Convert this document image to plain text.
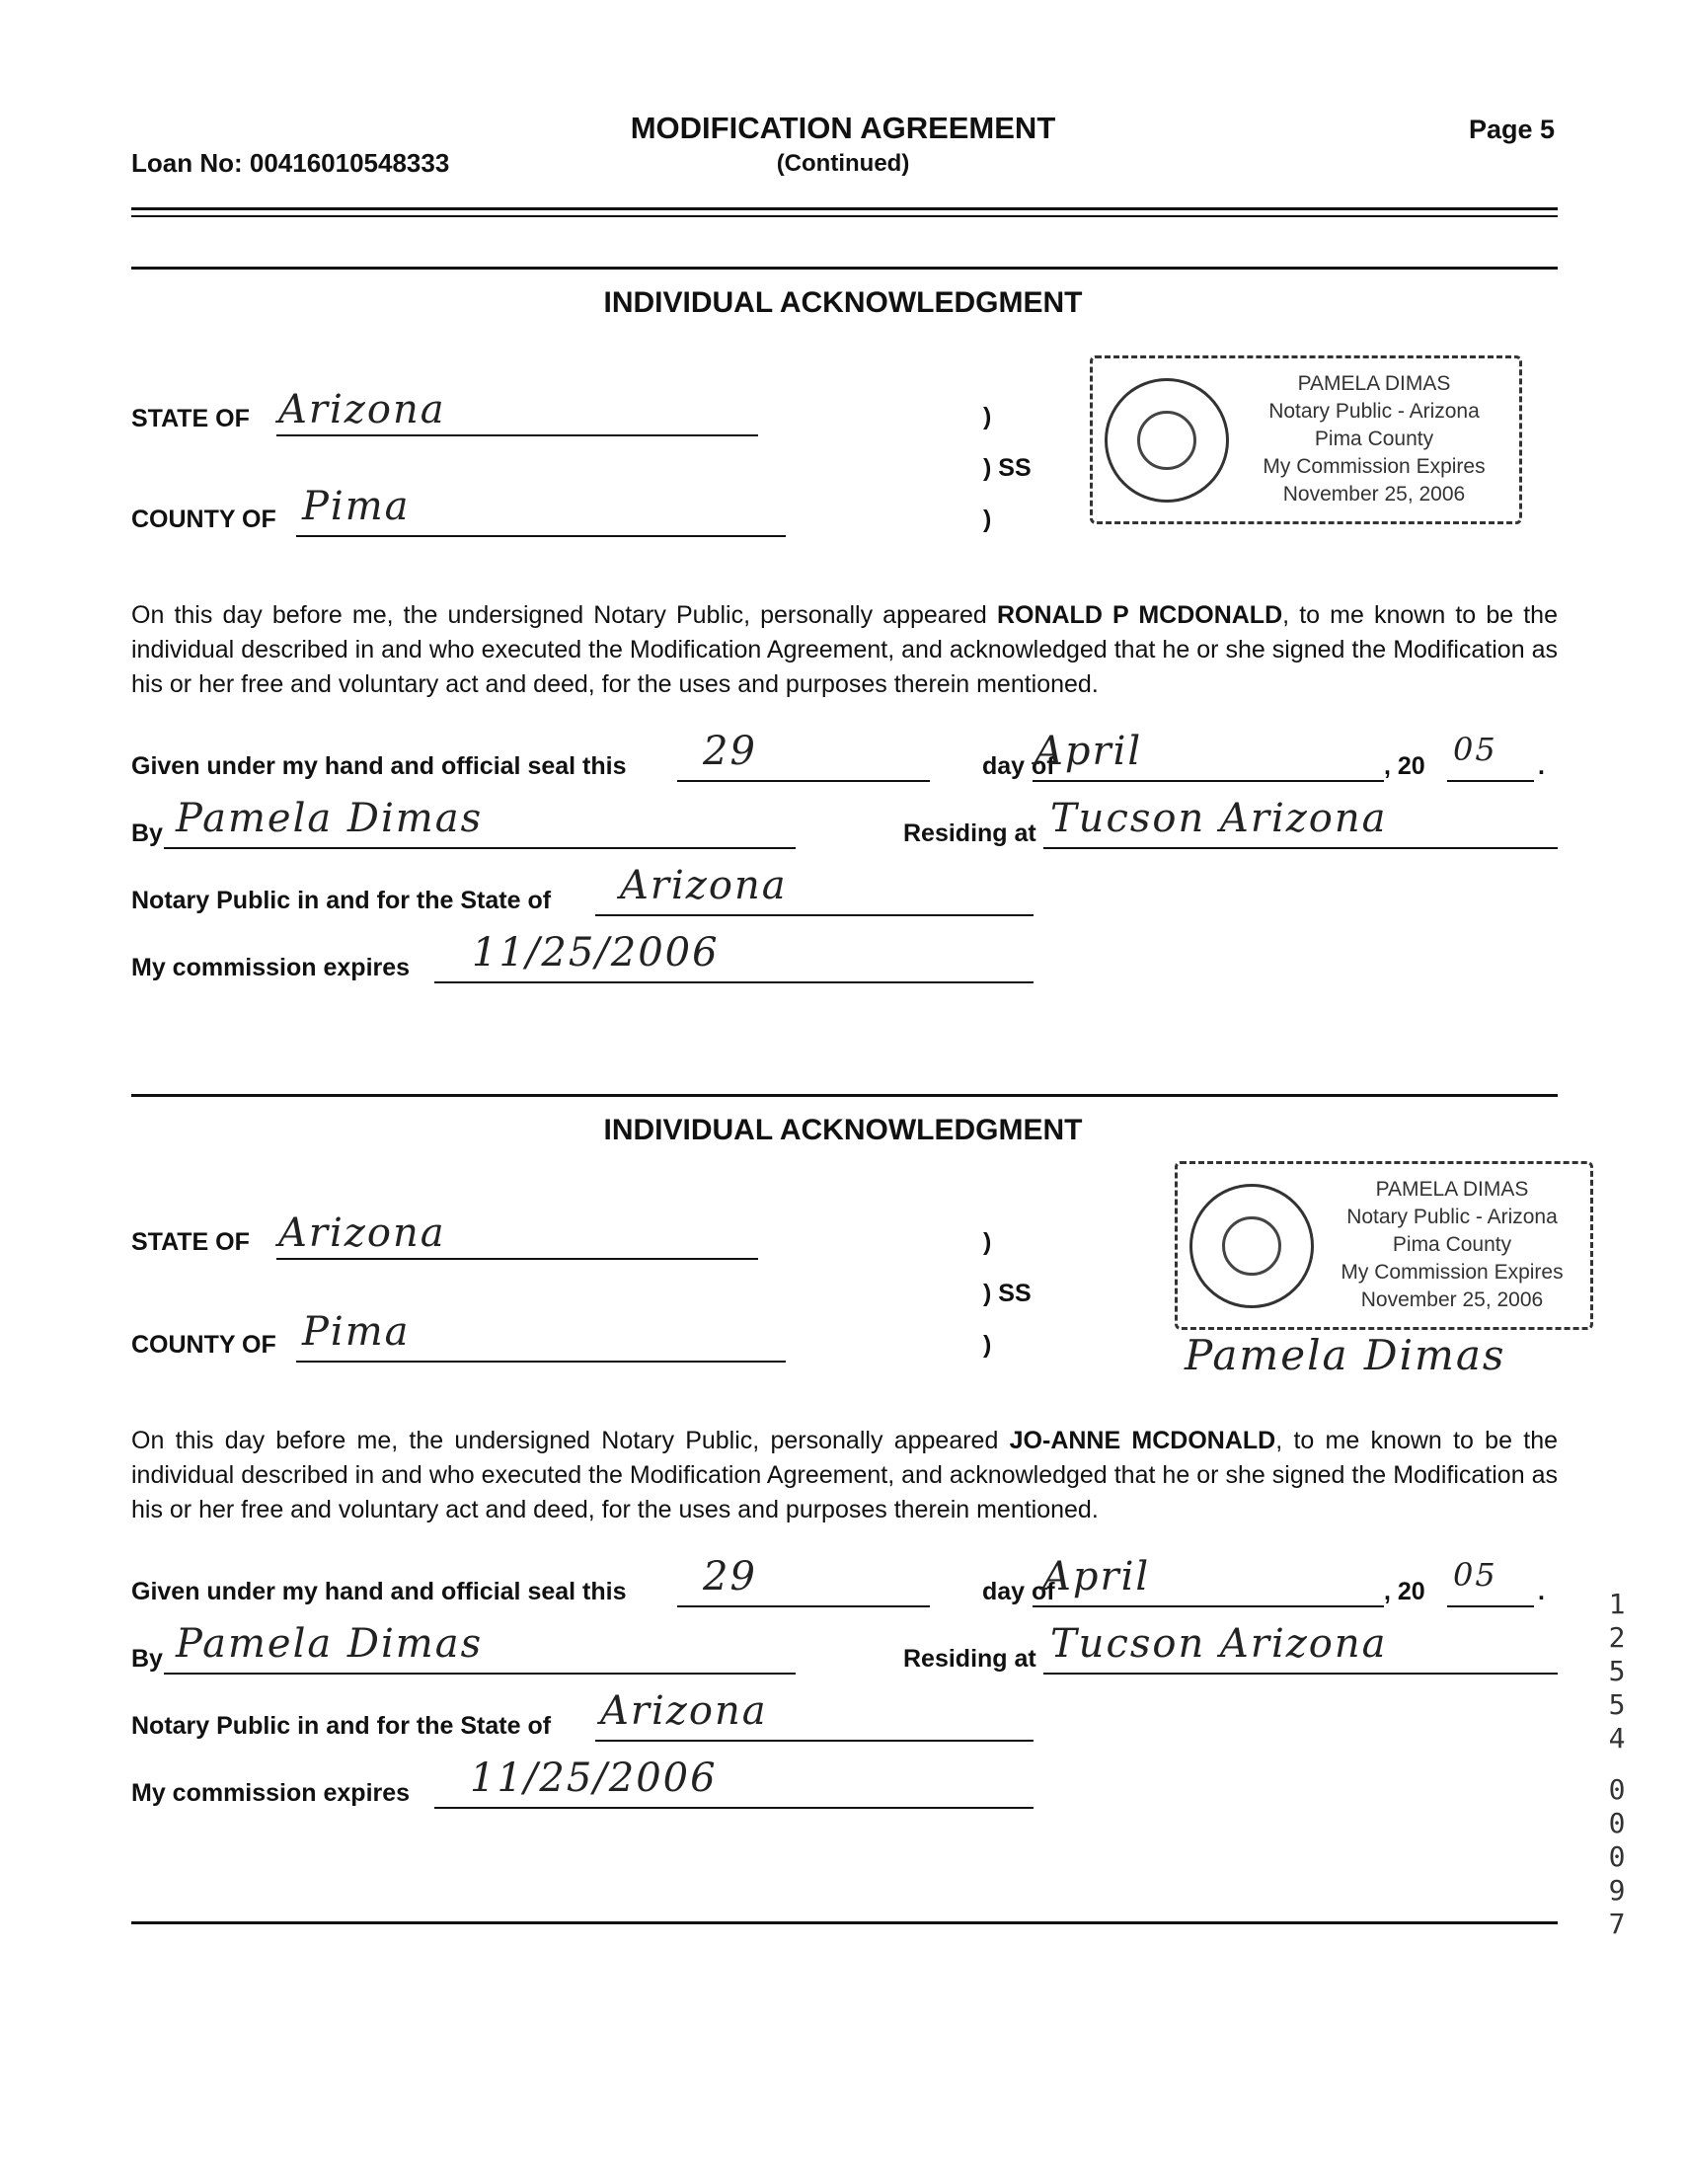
MODIFICATION AGREEMENT
(Continued)
Loan No: 00416010548333
Page 5
INDIVIDUAL ACKNOWLEDGMENT
STATE OF Arizona
COUNTY OF Pima
)
) SS
)
PAMELA DIMAS
Notary Public - Arizona
Pima County
My Commission Expires
November 25, 2006
On this day before me, the undersigned Notary Public, personally appeared RONALD P MCDONALD, to me known to be the individual described in and who executed the Modification Agreement, and acknowledged that he or she signed the Modification as his or her free and voluntary act and deed, for the uses and purposes therein mentioned.
Given under my hand and official seal this 29	day of
April	, 20 05 .
By Pamela Dimas	Residing at Tucson Arizona
Notary Public in and for the State of Arizona
My commission expires 11/25/2006
INDIVIDUAL ACKNOWLEDGMENT
STATE OF Arizona
COUNTY OF Pima
)
) SS
)
PAMELA DIMAS
Notary Public - Arizona
Pima County
My Commission Expires
November 25, 2006
Pamela Dimas
On this day before me, the undersigned Notary Public, personally appeared JO-ANNE MCDONALD, to me known to be the individual described in and who executed the Modification Agreement, and acknowledged that he or she signed the Modification as his or her free and voluntary act and deed, for the uses and purposes therein mentioned.
Given under my hand and official seal this 29	day of
April	, 20 05 .
By Pamela Dimas	Residing at Tucson Arizona
Notary Public in and for the State of Arizona
My commission expires 11/25/2006
1
2
5
5
4
0
0
0
9
7
